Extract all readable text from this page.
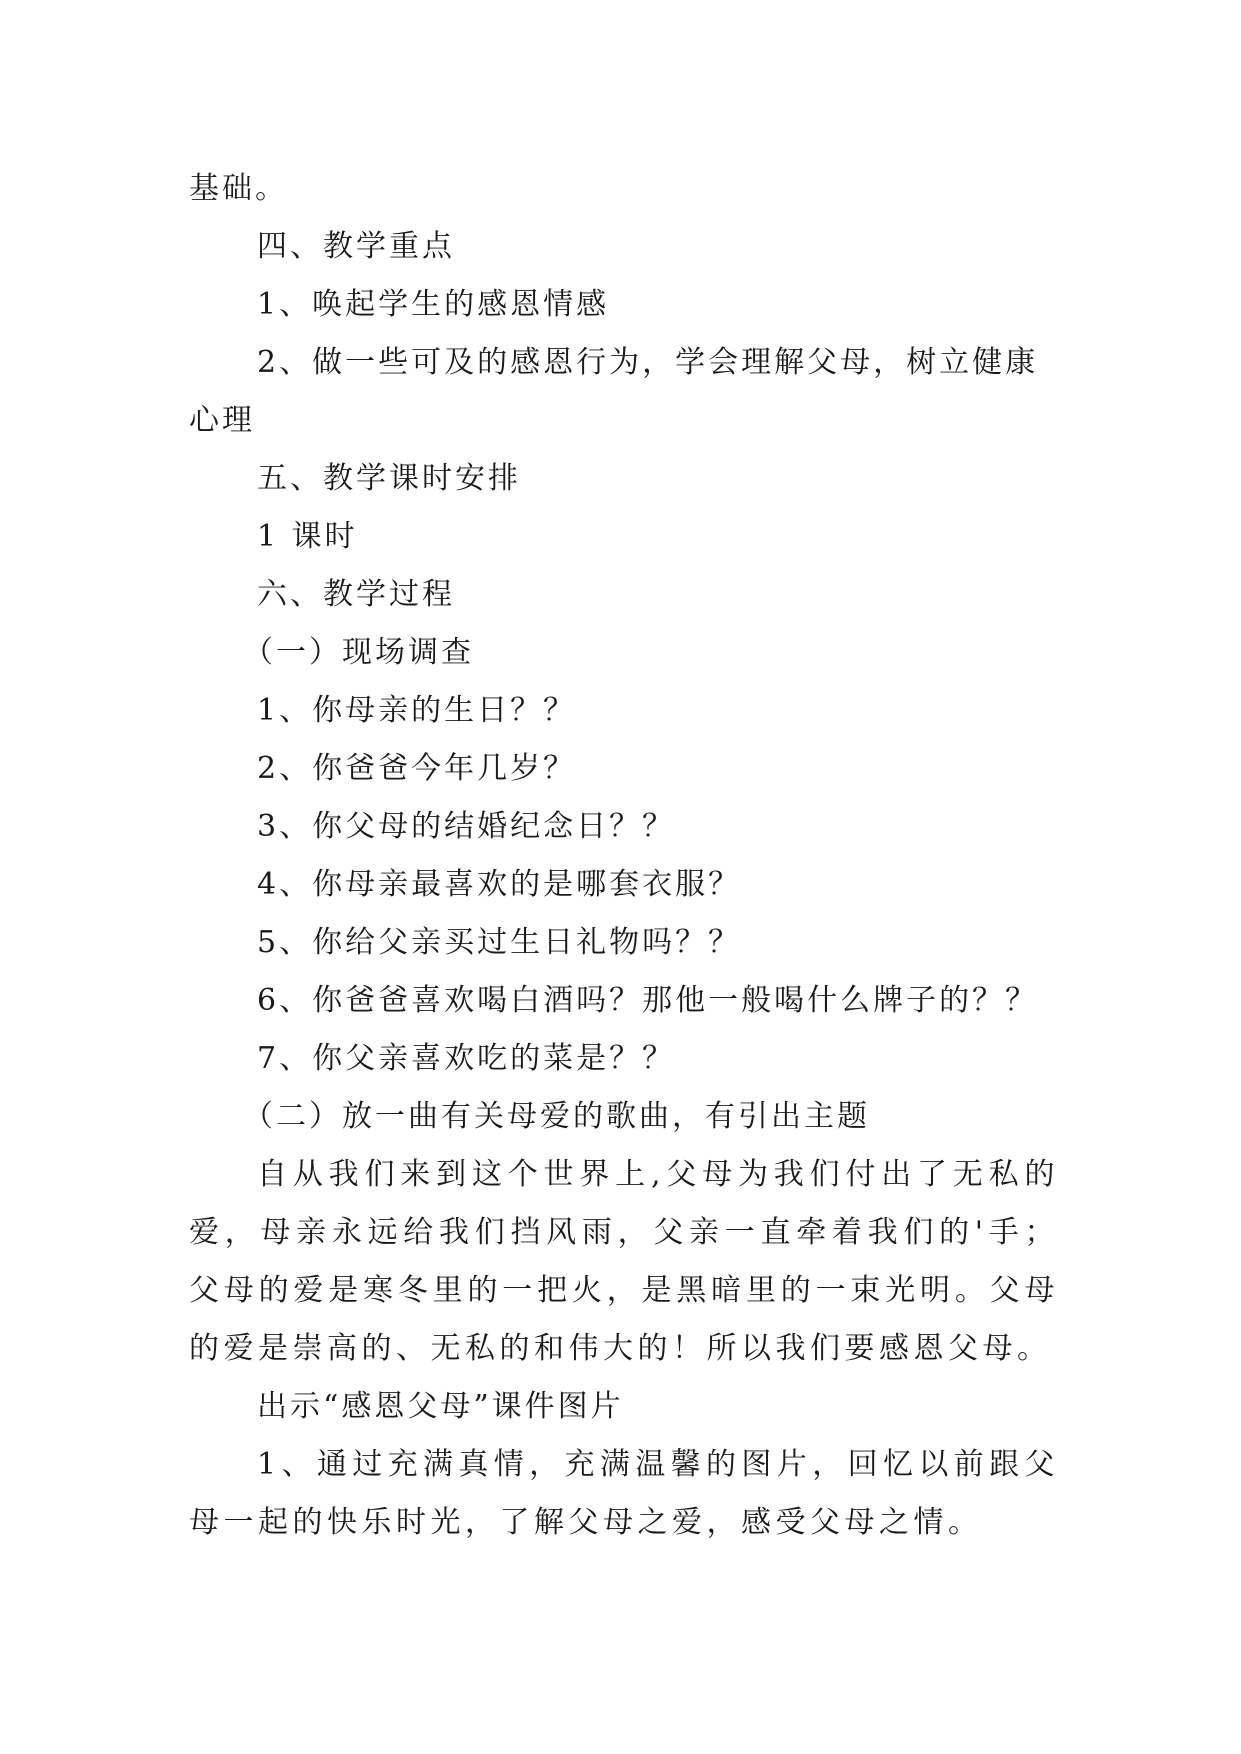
基础。
四、教学重点
1、唤起学生的感恩情感
2、做一些可及的感恩行为，学会理解父母，树立健康
心理
五、教学课时安排
1 课时
六、教学过程
（一）现场调查
1、你母亲的生日？？
2、你爸爸今年几岁？
3、你父母的结婚纪念日？？
4、你母亲最喜欢的是哪套衣服？
5、你给父亲买过生日礼物吗？？
6、你爸爸喜欢喝白酒吗？那他一般喝什么牌子的？？
7、你父亲喜欢吃的菜是？？
（二）放一曲有关母爱的歌曲，有引出主题
自从我们来到这个世界上,父母为我们付出了无私的爱，母亲永远给我们挡风雨，父亲一直牵着我们的'手；父母的爱是寒冬里的一把火，是黑暗里的一束光明。父母的爱是崇高的、无私的和伟大的！所以我们要感恩父母。
出示“感恩父母”课件图片
1、通过充满真情，充满温馨的图片，回忆以前跟父母一起的快乐时光，了解父母之爱，感受父母之情。
